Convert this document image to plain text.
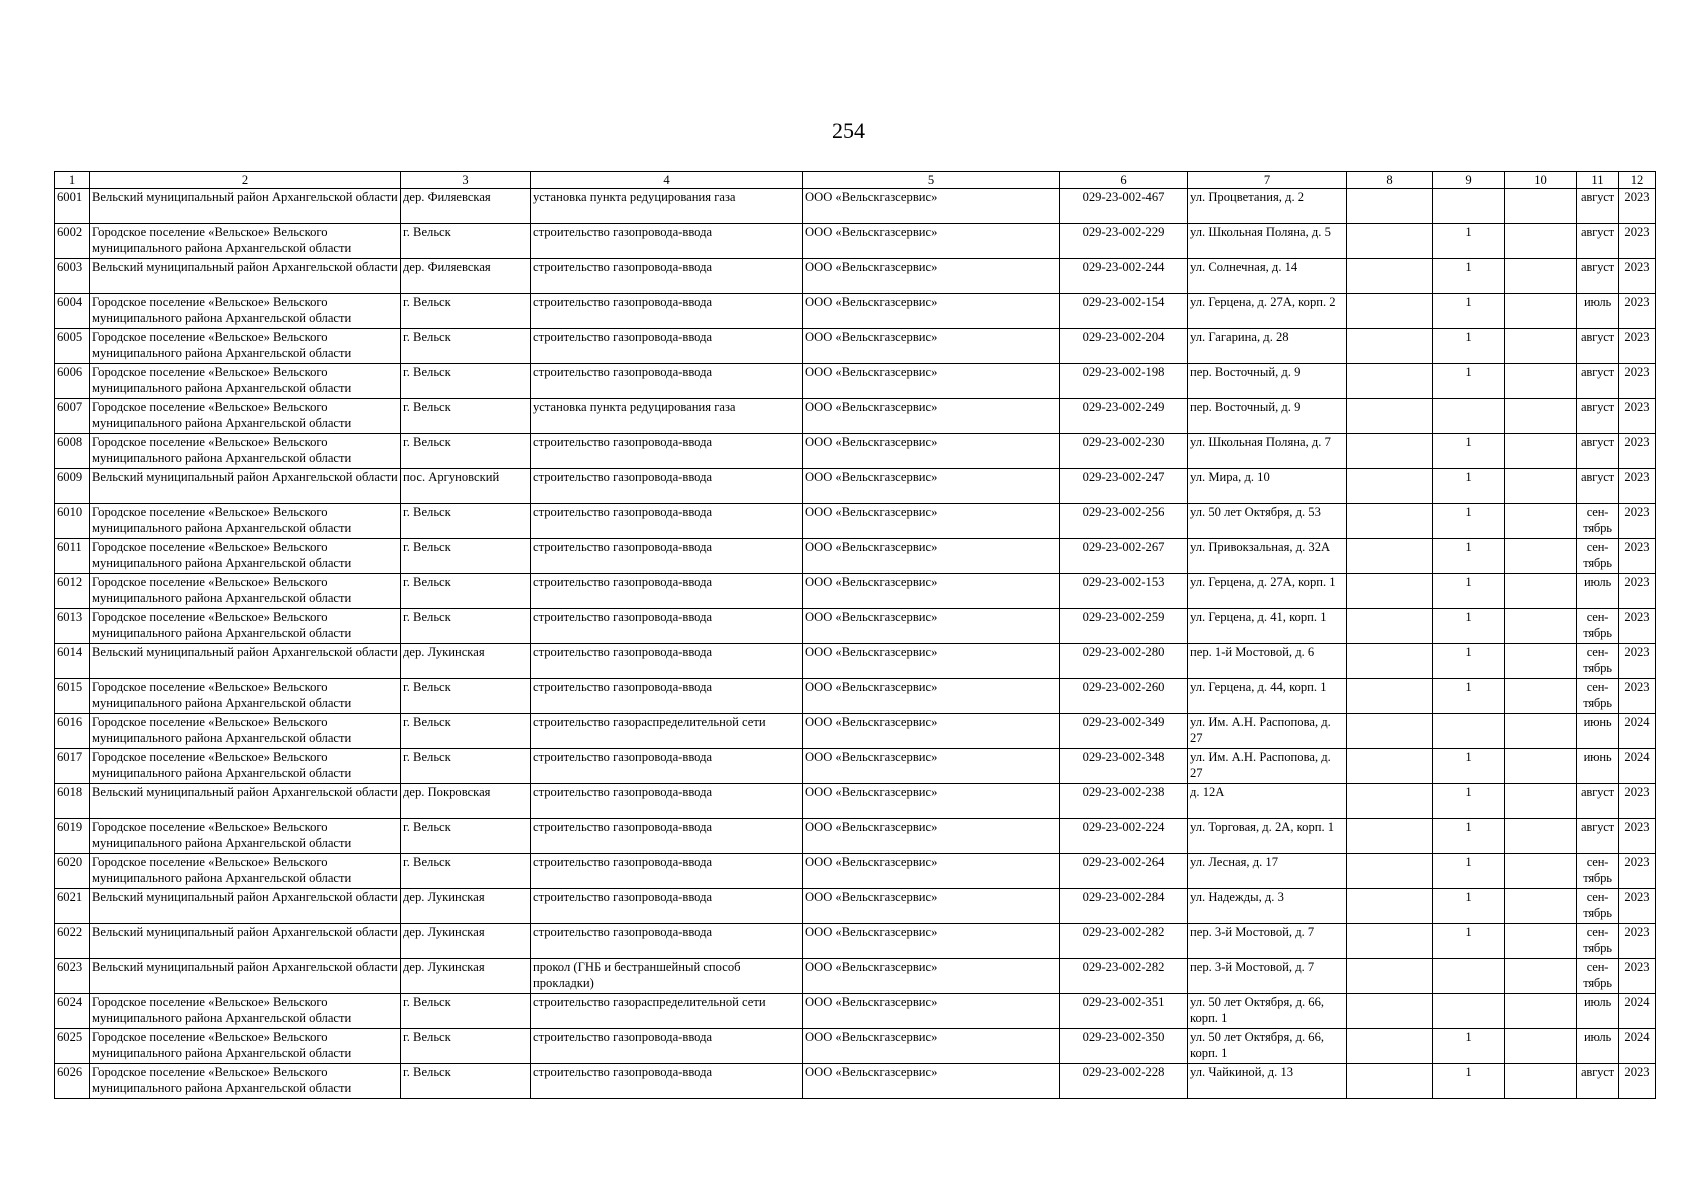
254
1	2	3	4	5	6	7	8	9	10	11	12
6001	Вельский муниципальный район Архангельской области	дер. Филяевская	установка пункта редуцирования газа	ООО «Вельскгазсервис»	029-23-002-467	ул. Процветания, д. 2				август	2023
6002	Городское поселение «Вельское» Вельского муниципального района Архангельской области	г. Вельск	строительство газопровода-ввода	ООО «Вельскгазсервис»	029-23-002-229	ул. Школьная Поляна, д. 5		1		август	2023
6003	Вельский муниципальный район Архангельской области	дер. Филяевская	строительство газопровода-ввода	ООО «Вельскгазсервис»	029-23-002-244	ул. Солнечная, д. 14		1		август	2023
6004	Городское поселение «Вельское» Вельского муниципального района Архангельской области	г. Вельск	строительство газопровода-ввода	ООО «Вельскгазсервис»	029-23-002-154	ул. Герцена, д. 27А, корп. 2		1		июль	2023
6005	Городское поселение «Вельское» Вельского муниципального района Архангельской области	г. Вельск	строительство газопровода-ввода	ООО «Вельскгазсервис»	029-23-002-204	ул. Гагарина, д. 28		1		август	2023
6006	Городское поселение «Вельское» Вельского муниципального района Архангельской области	г. Вельск	строительство газопровода-ввода	ООО «Вельскгазсервис»	029-23-002-198	пер. Восточный, д. 9		1		август	2023
6007	Городское поселение «Вельское» Вельского муниципального района Архангельской области	г. Вельск	установка пункта редуцирования газа	ООО «Вельскгазсервис»	029-23-002-249	пер. Восточный, д. 9				август	2023
6008	Городское поселение «Вельское» Вельского муниципального района Архангельской области	г. Вельск	строительство газопровода-ввода	ООО «Вельскгазсервис»	029-23-002-230	ул. Школьная Поляна, д. 7		1		август	2023
6009	Вельский муниципальный район Архангельской области	пос. Аргуновский	строительство газопровода-ввода	ООО «Вельскгазсервис»	029-23-002-247	ул. Мира, д. 10		1		август	2023
6010	Городское поселение «Вельское» Вельского муниципального района Архангельской области	г. Вельск	строительство газопровода-ввода	ООО «Вельскгазсервис»	029-23-002-256	ул. 50 лет Октября, д. 53		1		сен-тябрь	2023
6011	Городское поселение «Вельское» Вельского муниципального района Архангельской области	г. Вельск	строительство газопровода-ввода	ООО «Вельскгазсервис»	029-23-002-267	ул. Привокзальная, д. 32А		1		сен-тябрь	2023
6012	Городское поселение «Вельское» Вельского муниципального района Архангельской области	г. Вельск	строительство газопровода-ввода	ООО «Вельскгазсервис»	029-23-002-153	ул. Герцена, д. 27А, корп. 1		1		июль	2023
6013	Городское поселение «Вельское» Вельского муниципального района Архангельской области	г. Вельск	строительство газопровода-ввода	ООО «Вельскгазсервис»	029-23-002-259	ул. Герцена, д. 41, корп. 1		1		сен-тябрь	2023
6014	Вельский муниципальный район Архангельской области	дер. Лукинская	строительство газопровода-ввода	ООО «Вельскгазсервис»	029-23-002-280	пер. 1-й Мостовой, д. 6		1		сен-тябрь	2023
6015	Городское поселение «Вельское» Вельского муниципального района Архангельской области	г. Вельск	строительство газопровода-ввода	ООО «Вельскгазсервис»	029-23-002-260	ул. Герцена, д. 44, корп. 1		1		сен-тябрь	2023
6016	Городское поселение «Вельское» Вельского муниципального района Архангельской области	г. Вельск	строительство газораспределительной сети	ООО «Вельскгазсервис»	029-23-002-349	ул. Им. А.Н. Распопова, д. 27				июнь	2024
6017	Городское поселение «Вельское» Вельского муниципального района Архангельской области	г. Вельск	строительство газопровода-ввода	ООО «Вельскгазсервис»	029-23-002-348	ул. Им. А.Н. Распопова, д. 27		1		июнь	2024
6018	Вельский муниципальный район Архангельской области	дер. Покровская	строительство газопровода-ввода	ООО «Вельскгазсервис»	029-23-002-238	д. 12А		1		август	2023
6019	Городское поселение «Вельское» Вельского муниципального района Архангельской области	г. Вельск	строительство газопровода-ввода	ООО «Вельскгазсервис»	029-23-002-224	ул. Торговая, д. 2А, корп. 1		1		август	2023
6020	Городское поселение «Вельское» Вельского муниципального района Архангельской области	г. Вельск	строительство газопровода-ввода	ООО «Вельскгазсервис»	029-23-002-264	ул. Лесная, д. 17		1		сен-тябрь	2023
6021	Вельский муниципальный район Архангельской области	дер. Лукинская	строительство газопровода-ввода	ООО «Вельскгазсервис»	029-23-002-284	ул. Надежды, д. 3		1		сен-тябрь	2023
6022	Вельский муниципальный район Архангельской области	дер. Лукинская	строительство газопровода-ввода	ООО «Вельскгазсервис»	029-23-002-282	пер. 3-й Мостовой, д. 7		1		сен-тябрь	2023
6023	Вельский муниципальный район Архангельской области	дер. Лукинская	прокол (ГНБ и бестраншейный способ прокладки)	ООО «Вельскгазсервис»	029-23-002-282	пер. 3-й Мостовой, д. 7				сен-тябрь	2023
6024	Городское поселение «Вельское» Вельского муниципального района Архангельской области	г. Вельск	строительство газораспределительной сети	ООО «Вельскгазсервис»	029-23-002-351	ул. 50 лет Октября, д. 66, корп. 1				июль	2024
6025	Городское поселение «Вельское» Вельского муниципального района Архангельской области	г. Вельск	строительство газопровода-ввода	ООО «Вельскгазсервис»	029-23-002-350	ул. 50 лет Октября, д. 66, корп. 1		1		июль	2024
6026	Городское поселение «Вельское» Вельского муниципального района Архангельской области	г. Вельск	строительство газопровода-ввода	ООО «Вельскгазсервис»	029-23-002-228	ул. Чайкиной, д. 13		1		август	2023
